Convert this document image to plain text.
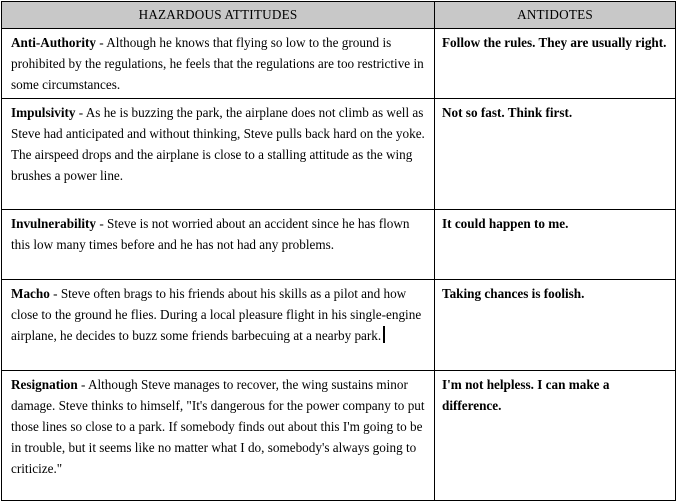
HAZARDOUS ATTITUDES	ANTIDOTES
Anti-Authority - Although he knows that flying so low to the ground is prohibited by the regulations, he feels that the regulations are too restrictive in some circumstances.	Follow the rules. They are usually right.
Impulsivity - As he is buzzing the park, the airplane does not climb as well as Steve had anticipated and without thinking, Steve pulls back hard on the yoke. The airspeed drops and the airplane is close to a stalling attitude as the wing brushes a power line.	Not so fast. Think first.
Invulnerability - Steve is not worried about an accident since he has flown this low many times before and he has not had any problems.	It could happen to me.
Macho - Steve often brags to his friends about his skills as a pilot and how close to the ground he flies. During a local pleasure flight in his single-engine airplane, he decides to buzz some friends barbecuing at a nearby park.	Taking chances is foolish.
Resignation - Although Steve manages to recover, the wing sustains minor damage. Steve thinks to himself, "It's dangerous for the power company to put those lines so close to a park. If somebody finds out about this I'm going to be in trouble, but it seems like no matter what I do, somebody's always going to criticize."	I'm not helpless. I can make a difference.
